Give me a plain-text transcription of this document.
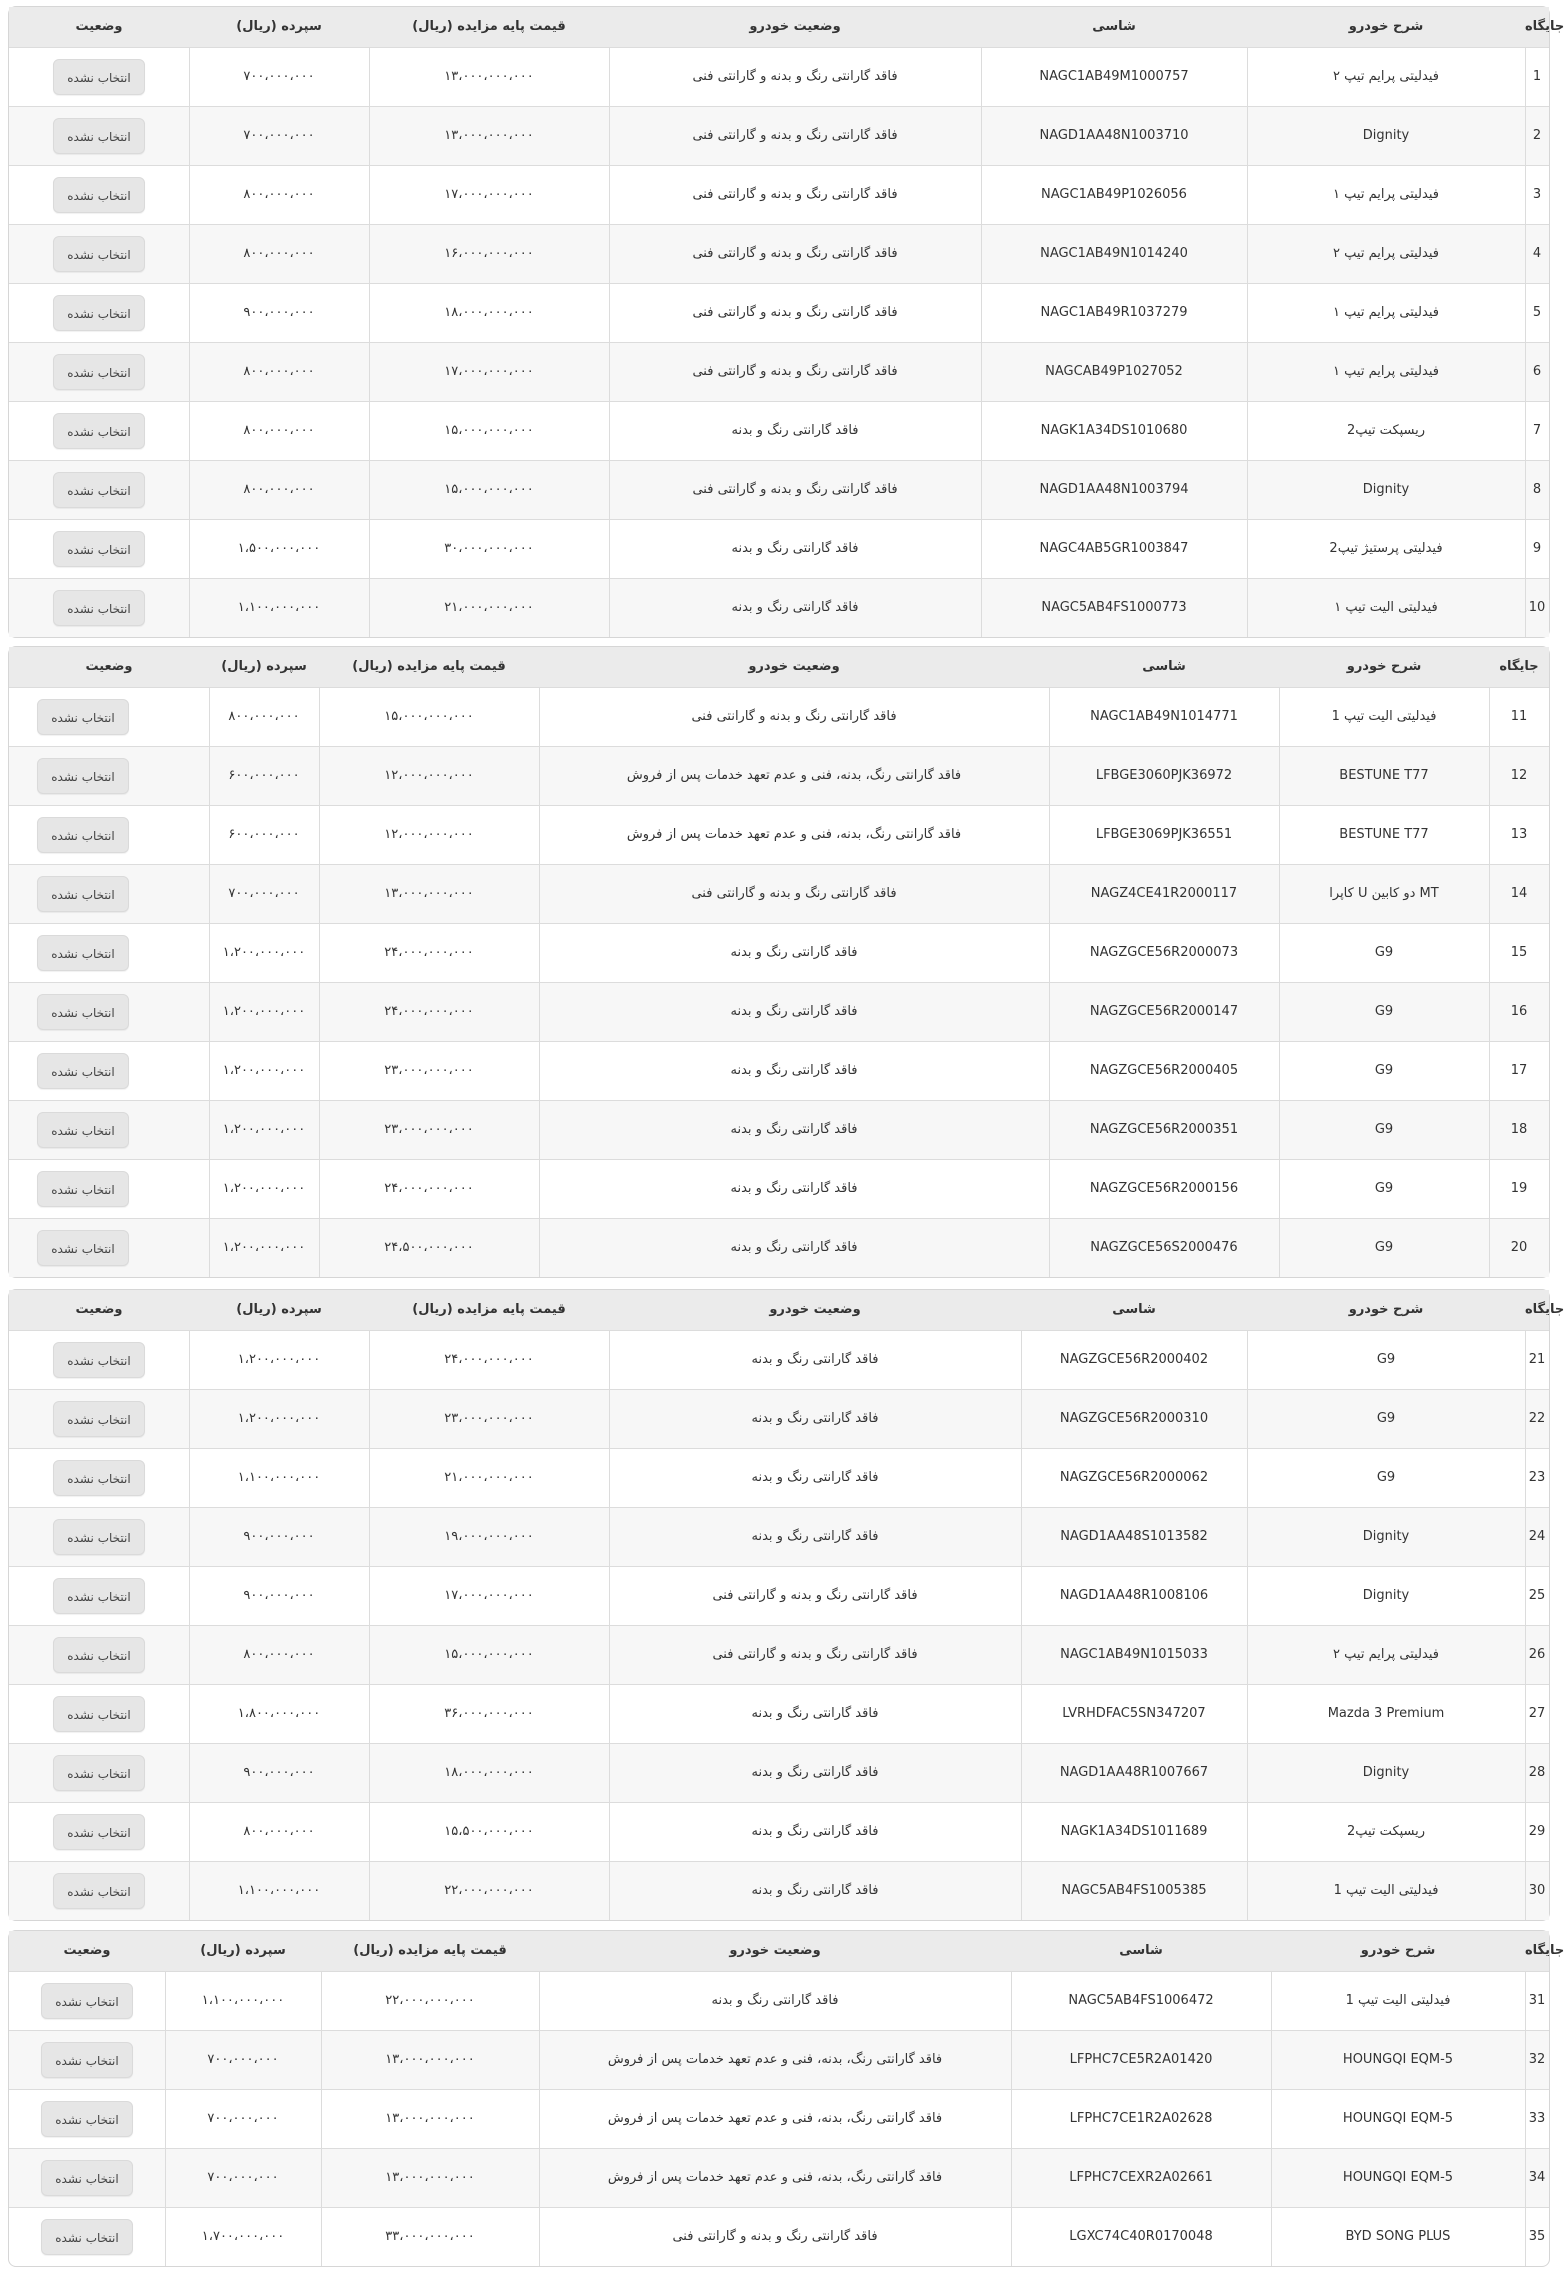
جایگاه
شرح خودرو
شاسی
وضعیت خودرو
قیمت پایه مزایده (ریال)
سپرده (ریال)
وضعیت
1
فیدلیتی پرایم تیپ ۲
NAGC1AB49M1000757
فاقد گارانتی رنگ و بدنه و گارانتی فنی
۱۳،۰۰۰،۰۰۰،۰۰۰
۷۰۰،۰۰۰،۰۰۰
انتخاب نشده
2
Dignity
NAGD1AA48N1003710
فاقد گارانتی رنگ و بدنه و گارانتی فنی
۱۳،۰۰۰،۰۰۰،۰۰۰
۷۰۰،۰۰۰،۰۰۰
انتخاب نشده
3
فیدلیتی پرایم تیپ ۱
NAGC1AB49P1026056
فاقد گارانتی رنگ و بدنه و گارانتی فنی
۱۷،۰۰۰،۰۰۰،۰۰۰
۸۰۰،۰۰۰،۰۰۰
انتخاب نشده
4
فیدلیتی پرایم تیپ ۲
NAGC1AB49N1014240
فاقد گارانتی رنگ و بدنه و گارانتی فنی
۱۶،۰۰۰،۰۰۰،۰۰۰
۸۰۰،۰۰۰،۰۰۰
انتخاب نشده
5
فیدلیتی پرایم تیپ ۱
NAGC1AB49R1037279
فاقد گارانتی رنگ و بدنه و گارانتی فنی
۱۸،۰۰۰،۰۰۰،۰۰۰
۹۰۰،۰۰۰،۰۰۰
انتخاب نشده
6
فیدلیتی پرایم تیپ ۱
NAGCAB49P1027052
فاقد گارانتی رنگ و بدنه و گارانتی فنی
۱۷،۰۰۰،۰۰۰،۰۰۰
۸۰۰،۰۰۰،۰۰۰
انتخاب نشده
7
ریسپکت تیپ2
NAGK1A34DS1010680
فاقد گارانتی رنگ و بدنه
۱۵،۰۰۰،۰۰۰،۰۰۰
۸۰۰،۰۰۰،۰۰۰
انتخاب نشده
8
Dignity
NAGD1AA48N1003794
فاقد گارانتی رنگ و بدنه و گارانتی فنی
۱۵،۰۰۰،۰۰۰،۰۰۰
۸۰۰،۰۰۰،۰۰۰
انتخاب نشده
9
فیدلیتی پرستیژ تیپ2
NAGC4AB5GR1003847
فاقد گارانتی رنگ و بدنه
۳۰،۰۰۰،۰۰۰،۰۰۰
۱،۵۰۰،۰۰۰،۰۰۰
انتخاب نشده
10
فیدلیتی الیت تیپ ۱
NAGC5AB4FS1000773
فاقد گارانتی رنگ و بدنه
۲۱،۰۰۰،۰۰۰،۰۰۰
۱،۱۰۰،۰۰۰،۰۰۰
انتخاب نشده
جایگاه
شرح خودرو
شاسی
وضعیت خودرو
قیمت پایه مزایده (ریال)
سپرده (ریال)
وضعیت
11
فیدلیتی الیت تیپ 1
NAGC1AB49N1014771
فاقد گارانتی رنگ و بدنه و گارانتی فنی
۱۵،۰۰۰،۰۰۰،۰۰۰
۸۰۰،۰۰۰،۰۰۰
انتخاب نشده
12
BESTUNE T77
LFBGE3060PJK36972
فاقد گارانتی رنگ، بدنه، فنی و عدم تعهد خدمات پس از فروش
۱۲،۰۰۰،۰۰۰،۰۰۰
۶۰۰،۰۰۰،۰۰۰
انتخاب نشده
13
BESTUNE T77
LFBGE3069PJK36551
فاقد گارانتی رنگ، بدنه، فنی و عدم تعهد خدمات پس از فروش
۱۲،۰۰۰،۰۰۰،۰۰۰
۶۰۰،۰۰۰،۰۰۰
انتخاب نشده
14
کاپرا U دو کابین MT
NAGZ4CE41R2000117
فاقد گارانتی رنگ و بدنه و گارانتی فنی
۱۳،۰۰۰،۰۰۰،۰۰۰
۷۰۰،۰۰۰،۰۰۰
انتخاب نشده
15
G9
NAGZGCE56R2000073
فاقد گارانتی رنگ و بدنه
۲۴،۰۰۰،۰۰۰،۰۰۰
۱،۲۰۰،۰۰۰،۰۰۰
انتخاب نشده
16
G9
NAGZGCE56R2000147
فاقد گارانتی رنگ و بدنه
۲۴،۰۰۰،۰۰۰،۰۰۰
۱،۲۰۰،۰۰۰،۰۰۰
انتخاب نشده
17
G9
NAGZGCE56R2000405
فاقد گارانتی رنگ و بدنه
۲۳،۰۰۰،۰۰۰،۰۰۰
۱،۲۰۰،۰۰۰،۰۰۰
انتخاب نشده
18
G9
NAGZGCE56R2000351
فاقد گارانتی رنگ و بدنه
۲۳،۰۰۰،۰۰۰،۰۰۰
۱،۲۰۰،۰۰۰،۰۰۰
انتخاب نشده
19
G9
NAGZGCE56R2000156
فاقد گارانتی رنگ و بدنه
۲۴،۰۰۰،۰۰۰،۰۰۰
۱،۲۰۰،۰۰۰،۰۰۰
انتخاب نشده
20
G9
NAGZGCE56S2000476
فاقد گارانتی رنگ و بدنه
۲۴،۵۰۰،۰۰۰،۰۰۰
۱،۲۰۰،۰۰۰،۰۰۰
انتخاب نشده
جایگاه
شرح خودرو
شاسی
وضعیت خودرو
قیمت پایه مزایده (ریال)
سپرده (ریال)
وضعیت
21
G9
NAGZGCE56R2000402
فاقد گارانتی رنگ و بدنه
۲۴،۰۰۰،۰۰۰،۰۰۰
۱،۲۰۰،۰۰۰،۰۰۰
انتخاب نشده
22
G9
NAGZGCE56R2000310
فاقد گارانتی رنگ و بدنه
۲۳،۰۰۰،۰۰۰،۰۰۰
۱،۲۰۰،۰۰۰،۰۰۰
انتخاب نشده
23
G9
NAGZGCE56R2000062
فاقد گارانتی رنگ و بدنه
۲۱،۰۰۰،۰۰۰،۰۰۰
۱،۱۰۰،۰۰۰،۰۰۰
انتخاب نشده
24
Dignity
NAGD1AA48S1013582
فاقد گارانتی رنگ و بدنه
۱۹،۰۰۰،۰۰۰،۰۰۰
۹۰۰،۰۰۰،۰۰۰
انتخاب نشده
25
Dignity
NAGD1AA48R1008106
فاقد گارانتی رنگ و بدنه و گارانتی فنی
۱۷،۰۰۰،۰۰۰،۰۰۰
۹۰۰،۰۰۰،۰۰۰
انتخاب نشده
26
فیدلیتی پرایم تیپ ۲
NAGC1AB49N1015033
فاقد گارانتی رنگ و بدنه و گارانتی فنی
۱۵،۰۰۰،۰۰۰،۰۰۰
۸۰۰،۰۰۰،۰۰۰
انتخاب نشده
27
Mazda 3 Premium
LVRHDFAC5SN347207
فاقد گارانتی رنگ و بدنه
۳۶،۰۰۰،۰۰۰،۰۰۰
۱،۸۰۰،۰۰۰،۰۰۰
انتخاب نشده
28
Dignity
NAGD1AA48R1007667
فاقد گارانتی رنگ و بدنه
۱۸،۰۰۰،۰۰۰،۰۰۰
۹۰۰،۰۰۰،۰۰۰
انتخاب نشده
29
ریسپکت تیپ2
NAGK1A34DS1011689
فاقد گارانتی رنگ و بدنه
۱۵،۵۰۰،۰۰۰،۰۰۰
۸۰۰،۰۰۰،۰۰۰
انتخاب نشده
30
فیدلیتی الیت تیپ 1
NAGC5AB4FS1005385
فاقد گارانتی رنگ و بدنه
۲۲،۰۰۰،۰۰۰،۰۰۰
۱،۱۰۰،۰۰۰،۰۰۰
انتخاب نشده
جایگاه
شرح خودرو
شاسی
وضعیت خودرو
قیمت پایه مزایده (ریال)
سپرده (ریال)
وضعیت
31
فیدلیتی الیت تیپ 1
NAGC5AB4FS1006472
فاقد گارانتی رنگ و بدنه
۲۲،۰۰۰،۰۰۰،۰۰۰
۱،۱۰۰،۰۰۰،۰۰۰
انتخاب نشده
32
HOUNGQI EQM-5
LFPHC7CE5R2A01420
فاقد گارانتی رنگ، بدنه، فنی و عدم تعهد خدمات پس از فروش
۱۳،۰۰۰،۰۰۰،۰۰۰
۷۰۰،۰۰۰،۰۰۰
انتخاب نشده
33
HOUNGQI EQM-5
LFPHC7CE1R2A02628
فاقد گارانتی رنگ، بدنه، فنی و عدم تعهد خدمات پس از فروش
۱۳،۰۰۰،۰۰۰،۰۰۰
۷۰۰،۰۰۰،۰۰۰
انتخاب نشده
34
HOUNGQI EQM-5
LFPHC7CEXR2A02661
فاقد گارانتی رنگ، بدنه، فنی و عدم تعهد خدمات پس از فروش
۱۳،۰۰۰،۰۰۰،۰۰۰
۷۰۰،۰۰۰،۰۰۰
انتخاب نشده
35
BYD SONG PLUS
LGXC74C40R0170048
فاقد گارانتی رنگ و بدنه و گارانتی فنی
۳۳،۰۰۰،۰۰۰،۰۰۰
۱،۷۰۰،۰۰۰،۰۰۰
انتخاب نشده
